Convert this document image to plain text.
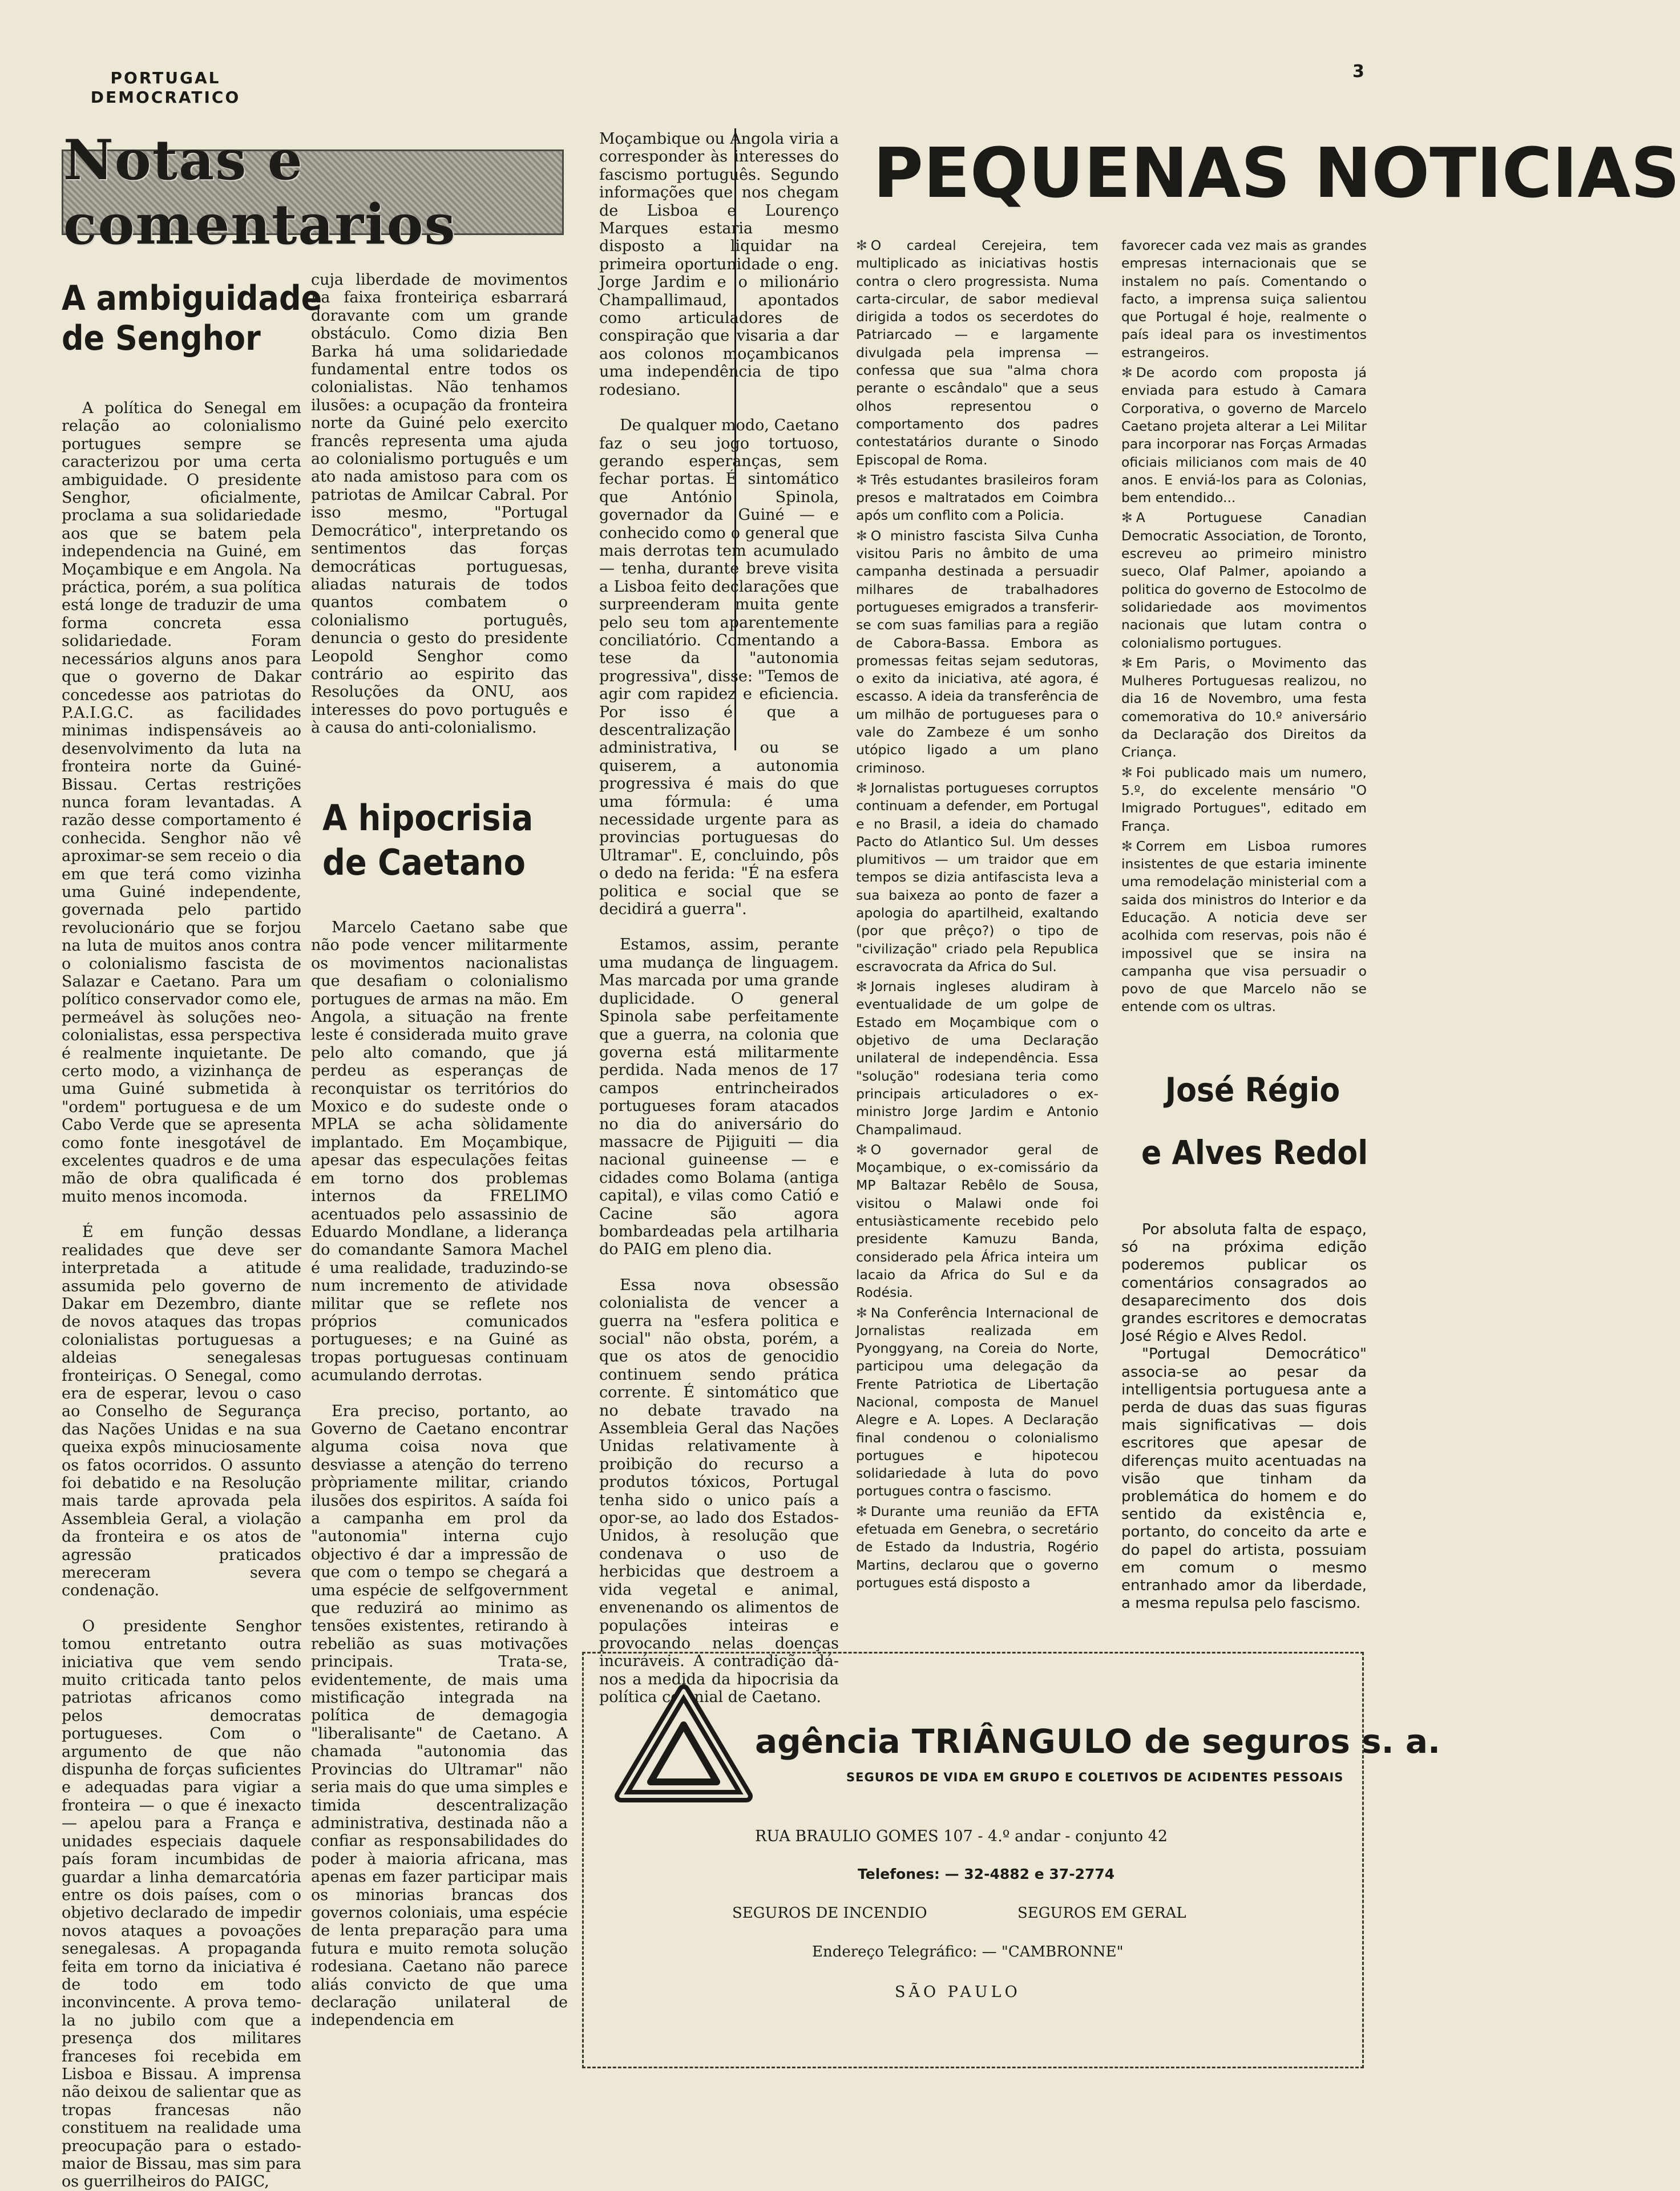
PORTUGAL
DEMOCRATICO
3
Notas e comentarios
A ambiguidade
de Senghor

A política do Senegal em relação ao colonialismo portugues sempre se caracterizou por uma certa ambiguidade. O presidente Senghor, oficialmente, proclama a sua solidariedade aos que se batem pela independencia na Guiné, em Moçambique e em Angola. Na práctica, porém, a sua política está longe de traduzir de uma forma concreta essa solidariedade. Foram necessários alguns anos para que o governo de Dakar concedesse aos patriotas do P.A.I.G.C. as facilidades minimas indispensáveis ao desenvolvimento da luta na fronteira norte da Guiné-Bissau. Certas restrições nunca foram levantadas. A razão desse comportamento é conhecida. Senghor não vê aproximar-se sem receio o dia em que terá como vizinha uma Guiné independente, governada pelo partido revolucionário que se forjou na luta de muitos anos contra o colonialismo fascista de Salazar e Caetano. Para um político conservador como ele, permeável às soluções neo-colonialistas, essa perspectiva é realmente inquietante. De certo modo, a vizinhança de uma Guiné submetida à "ordem" portuguesa e de um Cabo Verde que se apresenta como fonte inesgotável de excelentes quadros e de uma mão de obra qualificada é muito menos incomoda.

É em função dessas realidades que deve ser interpretada a atitude assumida pelo governo de Dakar em Dezembro, diante de novos ataques das tropas colonialistas portuguesas a aldeias senegalesas fronteiriças. O Senegal, como era de esperar, levou o caso ao Conselho de Segurança das Nações Unidas e na sua queixa expôs minuciosamente os fatos ocorridos. O assunto foi debatido e na Resolução mais tarde aprovada pela Assembleia Geral, a violação da fronteira e os atos de agressão praticados mereceram severa condenação.

O presidente Senghor tomou entretanto outra iniciativa que vem sendo muito criticada tanto pelos patriotas africanos como pelos democratas portugueses. Com o argumento de que não dispunha de forças suficientes e adequadas para vigiar a fronteira — o que é inexacto — apelou para a França e unidades especiais daquele país foram incumbidas de guardar a linha demarcatória entre os dois países, com o objetivo declarado de impedir novos ataques a povoações senegalesas. A propaganda feita em torno da iniciativa é de todo em todo inconvincente. A prova temo-la no jubilo com que a presença dos militares franceses foi recebida em Lisboa e Bissau. A imprensa não deixou de salientar que as tropas francesas não constituem na realidade uma preocupação para o estado-maior de Bissau, mas sim para os guerrilheiros do PAIGC,

cuja liberdade de movimentos na faixa fronteiriça esbarrará doravante com um grande obstáculo. Como dizia Ben Barka há uma solidariedade fundamental entre todos os colonialistas. Não tenhamos ilusões: a ocupação da fronteira norte da Guiné pelo exercito francês representa uma ajuda ao colonialismo português e um ato nada amistoso para com os patriotas de Amilcar Cabral. Por isso mesmo, "Portugal Democrático", interpretando os sentimentos das forças democráticas portuguesas, aliadas naturais de todos quantos combatem o colonialismo português, denuncia o gesto do presidente Leopold Senghor como contrário ao espirito das Resoluções da ONU, aos interesses do povo português e à causa do anti-colonialismo.

A hipocrisia
de Caetano

Marcelo Caetano sabe que não pode vencer militarmente os movimentos nacionalistas que desafiam o colonialismo portugues de armas na mão. Em Angola, a situação na frente leste é considerada muito grave pelo alto comando, que já perdeu as esperanças de reconquistar os territórios do Moxico e do sudeste onde o MPLA se acha sòlidamente implantado. Em Moçambique, apesar das especulações feitas em torno dos problemas internos da FRELIMO acentuados pelo assassinio de Eduardo Mondlane, a liderança do comandante Samora Machel é uma realidade, traduzindo-se num incremento de atividade militar que se reflete nos próprios comunicados portugueses; e na Guiné as tropas portuguesas continuam acumulando derrotas.

Era preciso, portanto, ao Governo de Caetano encontrar alguma coisa nova que desviasse a atenção do terreno pròpriamente militar, criando ilusões dos espiritos. A saída foi a campanha em prol da "autonomia" interna cujo objectivo é dar a impressão de que com o tempo se chegará a uma espécie de selfgovernment que reduzirá ao minimo as tensões existentes, retirando à rebelião as suas motivações principais. Trata-se, evidentemente, de mais uma mistificação integrada na política de demagogia "liberalisante" de Caetano. A chamada "autonomia das Provincias do Ultramar" não seria mais do que uma simples e timida descentralização administrativa, destinada não a confiar as responsabilidades do poder à maioria africana, mas apenas em fazer participar mais os minorias brancas dos governos coloniais, uma espécie de lenta preparação para uma futura e muito remota solução rodesiana. Caetano não parece aliás convicto de que uma declaração unilateral de independencia em

Moçambique ou Angola viria a corresponder às interesses do fascismo português. Segundo informações que nos chegam de Lisboa e Lourenço Marques estaria mesmo disposto a liquidar na primeira oportunidade o eng. Jorge Jardim e o milionário Champallimaud, apontados como articuladores de conspiração que visaria a dar aos colonos moçambicanos uma independência de tipo rodesiano.

De qualquer modo, Caetano faz o seu jogo tortuoso, gerando esperanças, sem fechar portas. É sintomático que António Spinola, governador da Guiné — e conhecido como o general que mais derrotas tem acumulado — tenha, durante breve visita a Lisboa feito declarações que surpreenderam muita gente pelo seu tom aparentemente conciliatório. Comentando a tese da "autonomia progressiva", disse: "Temos de agir com rapidez e eficiencia. Por isso é que a descentralização administrativa, ou se quiserem, a autonomia progressiva é mais do que uma fórmula: é uma necessidade urgente para as provincias portuguesas do Ultramar". E, concluindo, pôs o dedo na ferida: "É na esfera politica e social que se decidirá a guerra".

Estamos, assim, perante uma mudança de linguagem. Mas marcada por uma grande duplicidade. O general Spinola sabe perfeitamente que a guerra, na colonia que governa está militarmente perdida. Nada menos de 17 campos entrincheirados portugueses foram atacados no dia do aniversário do massacre de Pijiguiti — dia nacional guineense — e cidades como Bolama (antiga capital), e vilas como Catió e Cacine são agora bombardeadas pela artilharia do PAIG em pleno dia.

Essa nova obsessão colonialista de vencer a guerra na "esfera politica e social" não obsta, porém, a que os atos de genocidio continuem sendo prática corrente. É sintomático que no debate travado na Assembleia Geral das Nações Unidas relativamente à proibição do recurso a produtos tóxicos, Portugal tenha sido o unico país a opor-se, ao lado dos Estados-Unidos, à resolução que condenava o uso de herbicidas que destroem a vida vegetal e animal, envenenando os alimentos de populações inteiras e provocando nelas doenças incuráveis. A contradição dá-nos a medida da hipocrisia da política colonial de Caetano.

PEQUENAS NOTICIAS

✻ O cardeal Cerejeira, tem multiplicado as iniciativas hostis contra o clero progressista. Numa carta-circular, de sabor medieval dirigida a todos os secerdotes do Patriarcado — e largamente divulgada pela imprensa — confessa que sua "alma chora perante o escândalo" que a seus olhos representou o comportamento dos padres contestatários durante o Sinodo Episcopal de Roma.

✻ Três estudantes brasileiros foram presos e maltratados em Coimbra após um conflito com a Policia.

✻ O ministro fascista Silva Cunha visitou Paris no âmbito de uma campanha destinada a persuadir milhares de trabalhadores portugueses emigrados a transferir-se com suas familias para a região de Cabora-Bassa. Embora as promessas feitas sejam sedutoras, o exito da iniciativa, até agora, é escasso. A ideia da transferência de um milhão de portugueses para o vale do Zambeze é um sonho utópico ligado a um plano criminoso.

✻ Jornalistas portugueses corruptos continuam a defender, em Portugal e no Brasil, a ideia do chamado Pacto do Atlantico Sul. Um desses plumitivos — um traidor que em tempos se dizia antifascista leva a sua baixeza ao ponto de fazer a apologia do apartilheid, exaltando (por que prêço?) o tipo de "civilização" criado pela Republica escravocrata da Africa do Sul.

✻ Jornais ingleses aludiram à eventualidade de um golpe de Estado em Moçambique com o objetivo de uma Declaração unilateral de independência. Essa "solução" rodesiana teria como principais articuladores o ex-ministro Jorge Jardim e Antonio Champalimaud.

✻ O governador geral de Moçambique, o ex-comissário da MP Baltazar Rebêlo de Sousa, visitou o Malawi onde foi entusiàsticamente recebido pelo presidente Kamuzu Banda, considerado pela África inteira um lacaio da Africa do Sul e da Rodésia.

✻ Na Conferência Internacional de Jornalistas realizada em Pyonggyang, na Coreia do Norte, participou uma delegação da Frente Patriotica de Libertação Nacional, composta de Manuel Alegre e A. Lopes. A Declaração final condenou o colonialismo portugues e hipotecou solidariedade à luta do povo portugues contra o fascismo.

✻ Durante uma reunião da EFTA efetuada em Genebra, o secretário de Estado da Industria, Rogério Martins, declarou que o governo portugues está disposto a

favorecer cada vez mais as grandes empresas internacionais que se instalem no país. Comentando o facto, a imprensa suiça salientou que Portugal é hoje, realmente o país ideal para os investimentos estrangeiros.

✻ De acordo com proposta já enviada para estudo à Camara Corporativa, o governo de Marcelo Caetano projeta alterar a Lei Militar para incorporar nas Forças Armadas oficiais milicianos com mais de 40 anos. E enviá-los para as Colonias, bem entendido...

✻ A Portuguese Canadian Democratic Association, de Toronto, escreveu ao primeiro ministro sueco, Olaf Palmer, apoiando a politica do governo de Estocolmo de solidariedade aos movimentos nacionais que lutam contra o colonialismo portugues.

✻ Em Paris, o Movimento das Mulheres Portuguesas realizou, no dia 16 de Novembro, uma festa comemorativa do 10.º aniversário da Declaração dos Direitos da Criança.

✻ Foi publicado mais um numero, 5.º, do excelente mensário "O Imigrado Portugues", editado em França.

✻ Correm em Lisboa rumores insistentes de que estaria iminente uma remodelação ministerial com a saida dos ministros do Interior e da Educação. A noticia deve ser acolhida com reservas, pois não é impossivel que se insira na campanha que visa persuadir o povo de que Marcelo não se entende com os ultras.

José Régio
e Alves Redol

Por absoluta falta de espaço, só na próxima edição poderemos publicar os comentários consagrados ao desaparecimento dos dois grandes escritores e democratas José Régio e Alves Redol.

"Portugal Democrático" associa-se ao pesar da intelligentsia portuguesa ante a perda de duas das suas figuras mais significativas — dois escritores que apesar de diferenças muito acentuadas na visão que tinham da problemática do homem e do sentido da existência e, portanto, do conceito da arte e do papel do artista, possuiam em comum o mesmo entranhado amor da liberdade, a mesma repulsa pelo fascismo.

agência TRIÂNGULO de seguros s. a.
SEGUROS DE VIDA EM GRUPO E COLETIVOS DE ACIDENTES PESSOAIS
RUA BRAULIO GOMES 107 - 4.º andar - conjunto 42
Telefones: — 32-4882 e 37-2774
SEGUROS DE INCENDIO	SEGUROS EM GERAL
Endereço Telegráfico: — "CAMBRONNE"
SÃO PAULO
